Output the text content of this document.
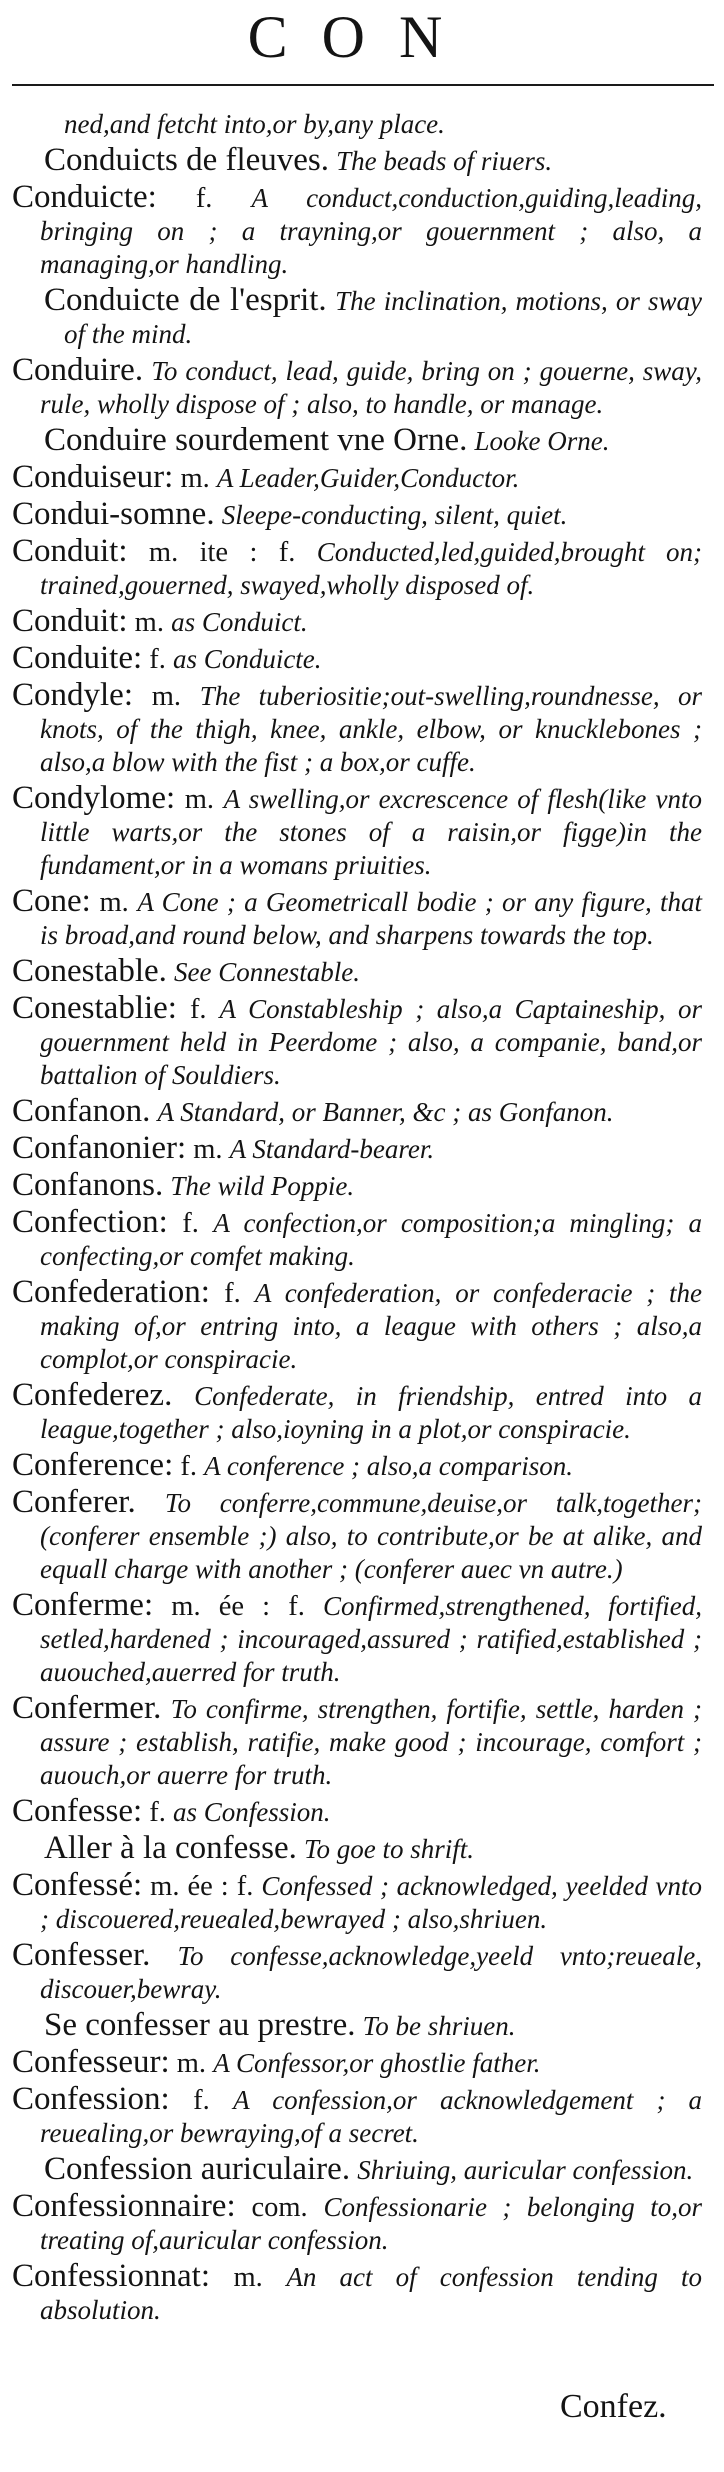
CON
ned,and fetcht into,or by,any place.
Conduicts de fleuves. The beads of riuers.
Conduicte: f. A conduct,conduction,guiding,leading, bringing on ; a trayning,or gouernment ; also, a managing,or handling.
Conduicte de l'esprit. The inclination, motions, or sway of the mind.
Conduire. To conduct, lead, guide, bring on ; gouerne, sway, rule, wholly dispose of ; also, to handle, or manage.
Conduire sourdement vne Orne. Looke Orne.
Conduiseur: m. A Leader,Guider,Conductor.
Condui-somne. Sleepe-conducting, silent, quiet.
Conduit: m. ite : f. Conducted,led,guided,brought on; trained,gouerned, swayed,wholly disposed of.
Conduit: m. as Conduict.
Conduite: f. as Conduicte.
Condyle: m. The tuberiositie;out-swelling,roundnesse, or knots, of the thigh, knee, ankle, elbow, or knucklebones ; also,a blow with the fist ; a box,or cuffe.
Condylome: m. A swelling,or excrescence of flesh(like vnto little warts,or the stones of a raisin,or figge)in the fundament,or in a womans priuities.
Cone: m. A Cone ; a Geometricall bodie ; or any figure, that is broad,and round below, and sharpens towards the top.
Conestable. See Connestable.
Conestablie: f. A Constableship ; also,a Captaineship, or gouernment held in Peerdome ; also, a companie, band,or battalion of Souldiers.
Confanon. A Standard, or Banner, &c ; as Gonfanon.
Confanonier: m. A Standard-bearer.
Confanons. The wild Poppie.
Confection: f. A confection,or composition;a mingling; a confecting,or comfet making.
Confederation: f. A confederation, or confederacie ; the making of,or entring into, a league with others ; also,a complot,or conspiracie.
Confederez. Confederate, in friendship, entred into a league,together ; also,ioyning in a plot,or conspiracie.
Conference: f. A conference ; also,a comparison.
Conferer. To conferre,commune,deuise,or talk,together; (conferer ensemble ;) also, to contribute,or be at alike, and equall charge with another ; (conferer auec vn autre.)
Conferme: m. ée : f. Confirmed,strengthened, fortified, setled,hardened ; incouraged,assured ; ratified,established ; auouched,auerred for truth.
Confermer. To confirme, strengthen, fortifie, settle, harden ; assure ; establish, ratifie, make good ; incourage, comfort ; auouch,or auerre for truth.
Confesse: f. as Confession.
Aller à la confesse. To goe to shrift.
Confessé: m. ée : f. Confessed ; acknowledged, yeelded vnto ; discouered,reuealed,bewrayed ; also,shriuen.
Confesser. To confesse,acknowledge,yeeld vnto;reueale, discouer,bewray.
Se confesser au prestre. To be shriuen.
Confesseur: m. A Confessor,or ghostlie father.
Confession: f. A confession,or acknowledgement ; a reuealing,or bewraying,of a secret.
Confession auriculaire. Shriuing, auricular confession.
Confessionnaire: com. Confessionarie ; belonging to,or treating of,auricular confession.
Confessionnat: m. An act of confession tending to absolution.
Confez.
